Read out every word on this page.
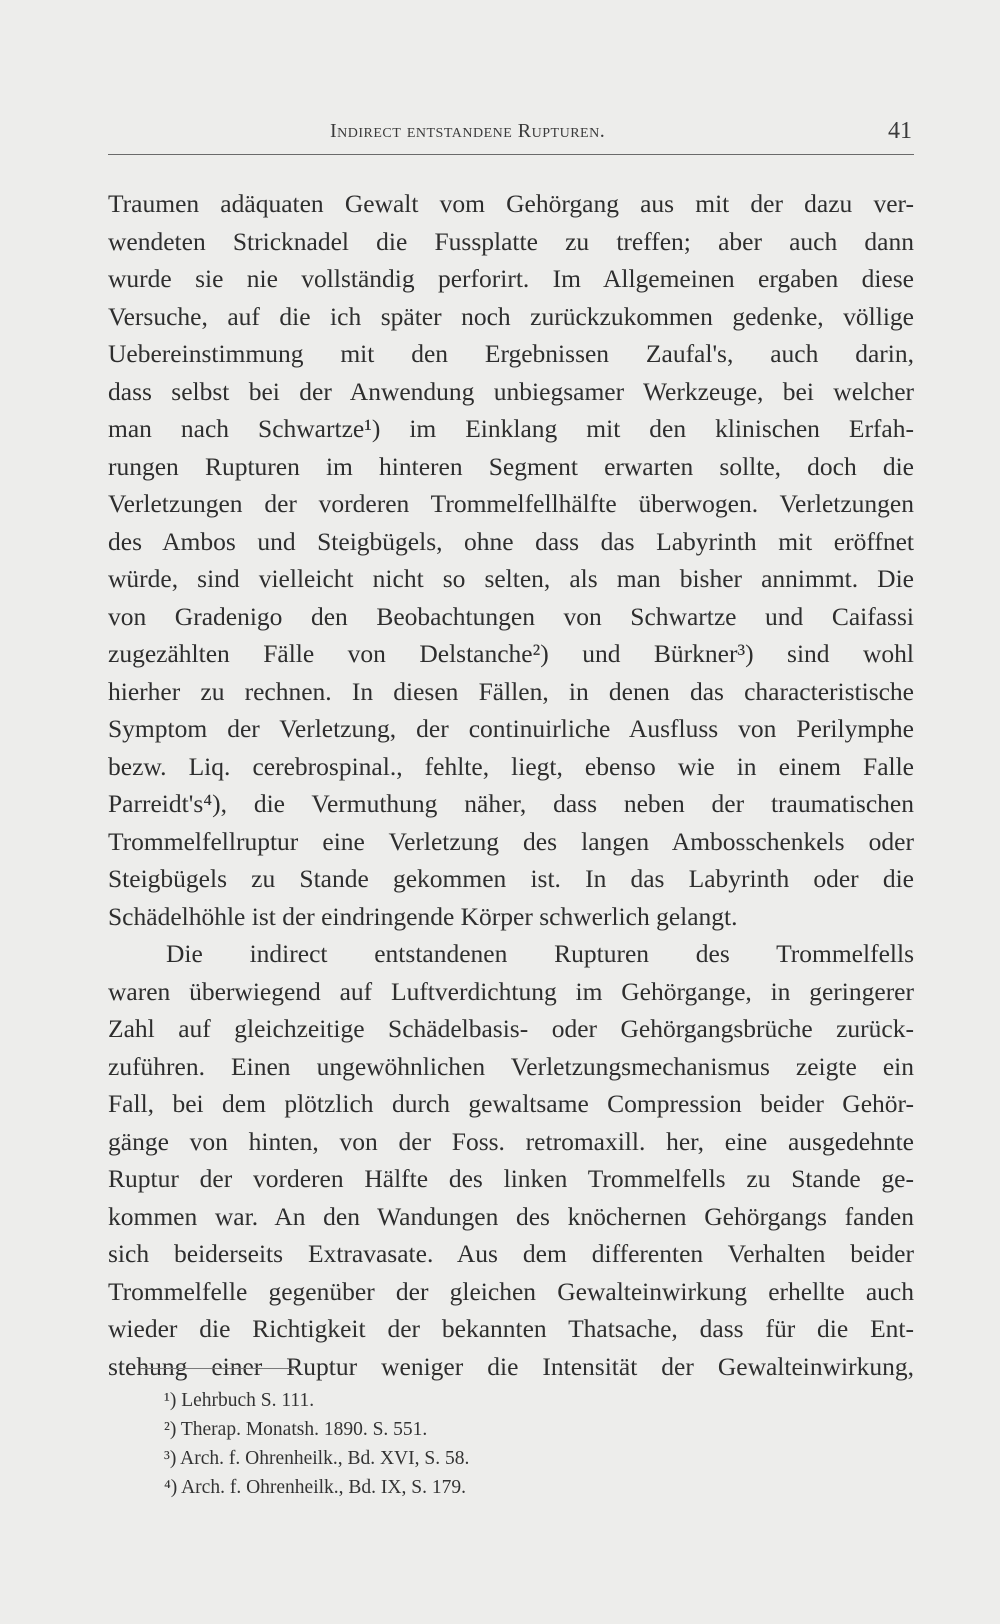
Indirect entstandene Rupturen.	41
Traumen adäquaten Gewalt vom Gehörgang aus mit der dazu ver-
wendeten Stricknadel die Fussplatte zu treffen; aber auch dann
wurde sie nie vollständig perforirt. Im Allgemeinen ergaben diese
Versuche, auf die ich später noch zurückzukommen gedenke, völlige
Uebereinstimmung mit den Ergebnissen Zaufal's, auch darin,
dass selbst bei der Anwendung unbiegsamer Werkzeuge, bei welcher
man nach Schwartze¹) im Einklang mit den klinischen Erfah-
rungen Rupturen im hinteren Segment erwarten sollte, doch die
Verletzungen der vorderen Trommelfellhälfte überwogen. Verletzungen
des Ambos und Steigbügels, ohne dass das Labyrinth mit eröffnet
würde, sind vielleicht nicht so selten, als man bisher annimmt. Die
von Gradenigo den Beobachtungen von Schwartze und Caifassi
zugezählten Fälle von Delstanche²) und Bürkner³) sind wohl
hierher zu rechnen. In diesen Fällen, in denen das characteristische
Symptom der Verletzung, der continuirliche Ausfluss von Perilymphe
bezw. Liq. cerebrospinal., fehlte, liegt, ebenso wie in einem Falle
Parreidt's⁴), die Vermuthung näher, dass neben der traumatischen
Trommelfellruptur eine Verletzung des langen Ambosschenkels oder
Steigbügels zu Stande gekommen ist. In das Labyrinth oder die
Schädelhöhle ist der eindringende Körper schwerlich gelangt.
Die indirect entstandenen Rupturen des Trommelfells
waren überwiegend auf Luftverdichtung im Gehörgange, in geringerer
Zahl auf gleichzeitige Schädelbasis- oder Gehörgangsbrüche zurück-
zuführen. Einen ungewöhnlichen Verletzungsmechanismus zeigte ein
Fall, bei dem plötzlich durch gewaltsame Compression beider Gehör-
gänge von hinten, von der Foss. retromaxill. her, eine ausgedehnte
Ruptur der vorderen Hälfte des linken Trommelfells zu Stande ge-
kommen war. An den Wandungen des knöchernen Gehörgangs fanden
sich beiderseits Extravasate. Aus dem differenten Verhalten beider
Trommelfelle gegenüber der gleichen Gewalteinwirkung erhellte auch
wieder die Richtigkeit der bekannten Thatsache, dass für die Ent-
stehung einer Ruptur weniger die Intensität der Gewalteinwirkung,
¹) Lehrbuch S. 111.
²) Therap. Monatsh. 1890. S. 551.
³) Arch. f. Ohrenheilk., Bd. XVI, S. 58.
⁴) Arch. f. Ohrenheilk., Bd. IX, S. 179.
